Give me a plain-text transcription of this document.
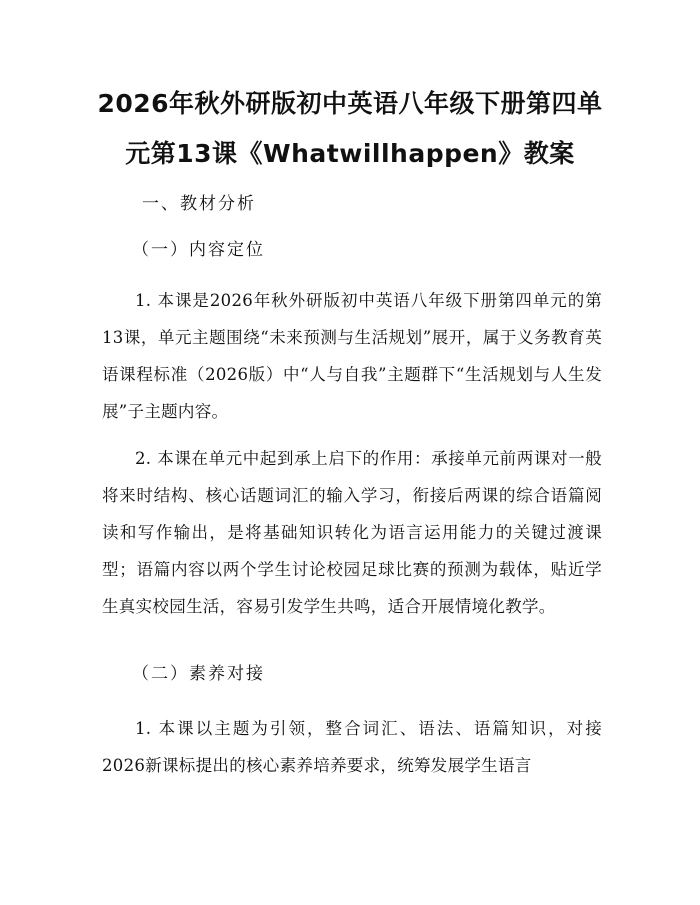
2026年秋外研版初中英语八年级下册第四单
元第13课《Whatwillhappen》教案
一、教材分析
（一）内容定位

1. 本课是2026年秋外研版初中英语八年级下册第四单元的第13课，单元主题围绕“未来预测与生活规划”展开，属于义务教育英语课程标准（2026版）中“人与自我”主题群下“生活规划与人生发展”子主题内容。

2. 本课在单元中起到承上启下的作用：承接单元前两课对一般将来时结构、核心话题词汇的输入学习，衔接后两课的综合语篇阅读和写作输出，是将基础知识转化为语言运用能力的关键过渡课型；语篇内容以两个学生讨论校园足球比赛的预测为载体，贴近学生真实校园生活，容易引发学生共鸣，适合开展情境化教学。

（二）素养对接

1. 本课以主题为引领，整合词汇、语法、语篇知识，对接2026新课标提出的核心素养培养要求，统筹发展学生语言
